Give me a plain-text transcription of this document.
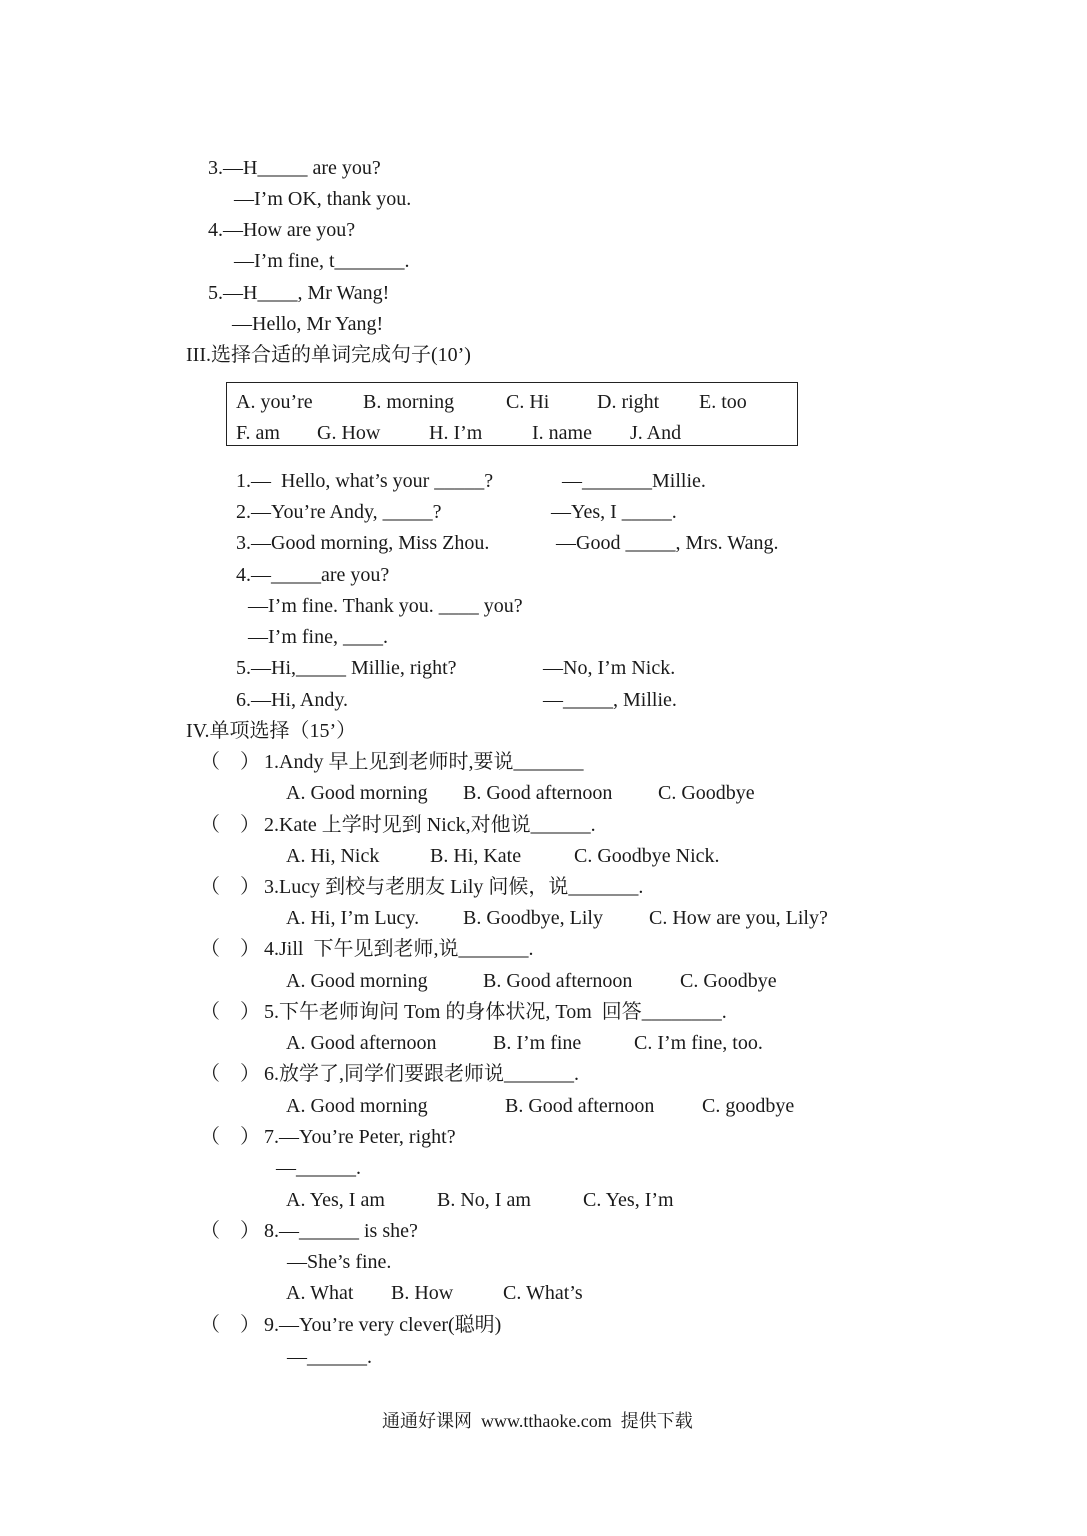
3.—H_____ are you?
—I’m OK, thank you.
4.—How are you?
—I’m fine, t_______.
5.—H____, Mr Wang!
—Hello, Mr Yang!
III.选择合适的单词完成句子(10’)
A. you’re	B. morning	C. Hi D. right E. too
F. am G. How H. I’m I. name J. And
1.—  Hello, what’s your _____?	—_______Millie.
2.—You’re Andy, _____?	—Yes, I _____.
3.—Good morning, Miss Zhou.	—Good _____, Mrs. Wang.
4.—_____are you?
—I’m fine. Thank you. ____ you?
—I’m fine, ____.
5.—Hi,_____ Millie, right?	—No, I’m Nick.
6.—Hi, Andy.	—_____, Millie.
IV.单项选择（15’）
（    ） 1.Andy 早上见到老师时,要说_______
A. Good morning B. Good afternoon C. Goodbye
（    ） 2.Kate 上学时见到 Nick,对他说______.
A. Hi, Nick	B. Hi, Kate	C. Goodbye Nick.
（    ） 3.Lucy 到校与老朋友 Lily 问候，说_______.
A. Hi, I’m Lucy. B. Goodbye, Lily C. How are you, Lily?
（    ） 4.Jill  下午见到老师,说_______.
A. Good morning	B. Good afternoon C. Goodbye
（    ） 5.下午老师询问 Tom 的身体状况, Tom  回答________.
A. Good afternoon	B. I’m fine	C. I’m fine, too.
（    ） 6.放学了,同学们要跟老师说_______.
A. Good morning	B. Good afternoon C. goodbye
（    ） 7.—You’re Peter, right?
—______.
A. Yes, I am	B. No, I am	C. Yes, I’m
（    ） 8.—______ is she?
—She’s fine.
A. What B. How C. What’s
（    ） 9.—You’re very clever(聪明)
—______.
通通好课网  www.tthaoke.com  提供下载
